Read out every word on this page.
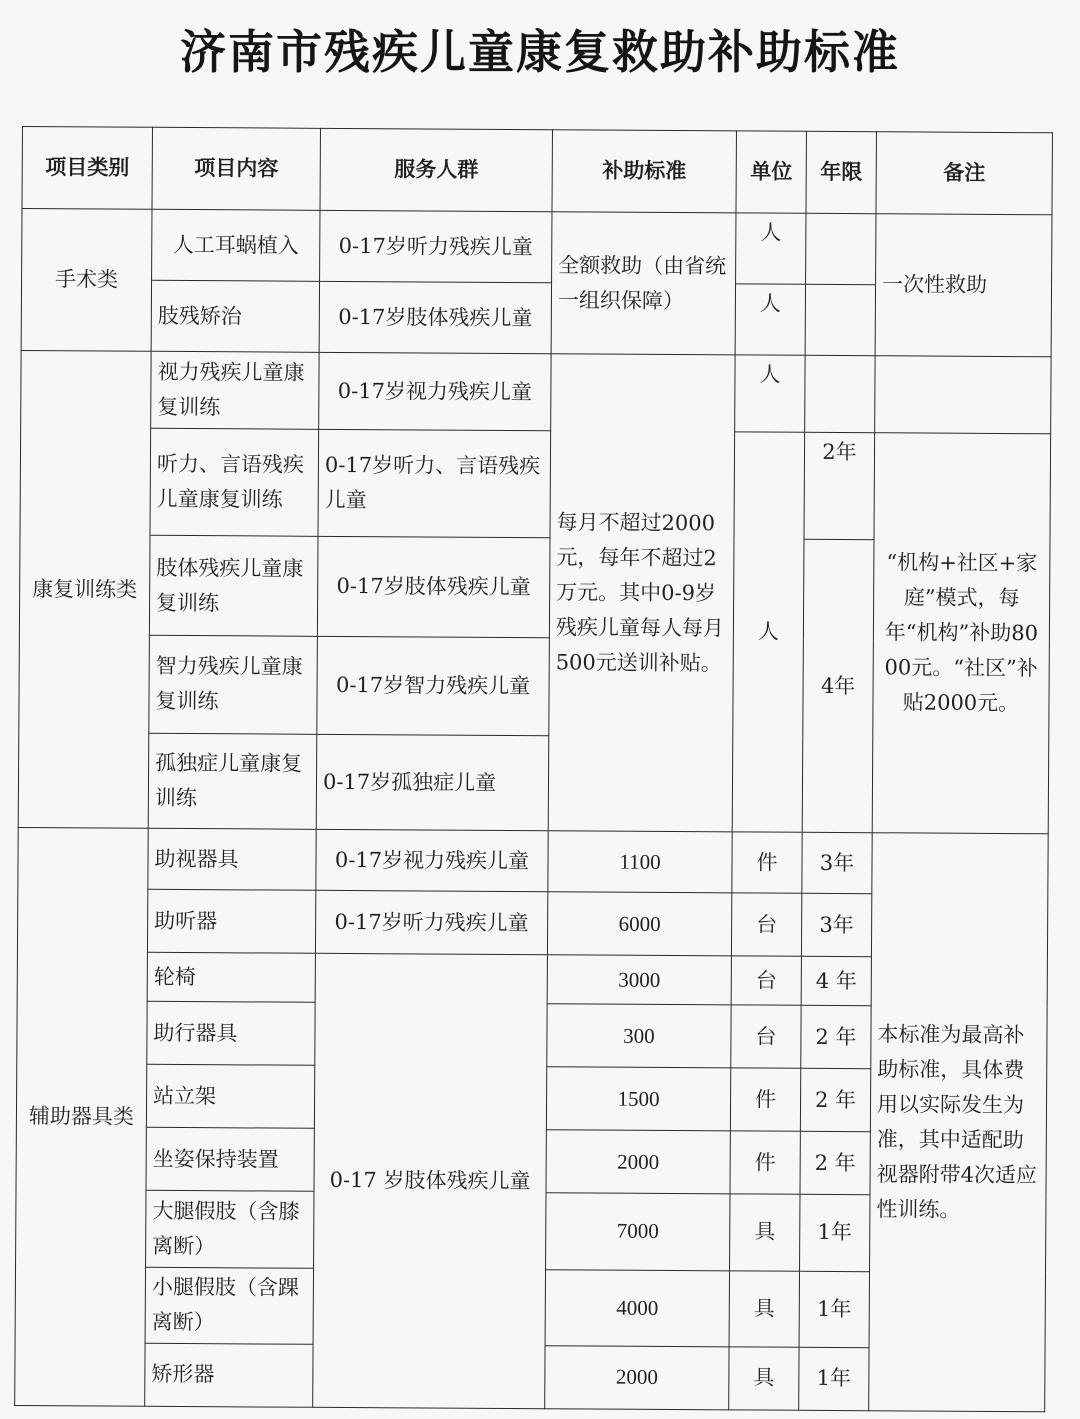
济南市残疾儿童康复救助补助标准
项目类别	项目内容	服务人群	补助标准	单位	年限	备注
手术类	人工耳蜗植入	0-17岁听力残疾儿童	全额救助（由省统一组织保障）	人		一次性救助
	肢残矫治	0-17岁肢体残疾儿童		人		
康复训练类	视力残疾儿童康复训练	0-17岁视力残疾儿童	每月不超过2000元，每年不超过2万元。其中0-9岁残疾儿童每人每月500元送训补贴。	人		
	听力、言语残疾儿童康复训练	0-17岁听力、言语残疾儿童		人	2年	“机构+社区+家庭”模式，每年“机构”补助8000元。“社区”补贴2000元。
	肢体残疾儿童康复训练	0-17岁肢体残疾儿童			4年	
	智力残疾儿童康复训练	0-17岁智力残疾儿童				
	孤独症儿童康复训练	0-17岁孤独症儿童				
辅助器具类	助视器具	0-17岁视力残疾儿童	1100	件	3年	本标准为最高补助标准，具体费用以实际发生为准，其中适配助视器附带4次适应性训练。
	助听器	0-17岁听力残疾儿童	6000	台	3年	
	轮椅	0-17 岁肢体残疾儿童	3000	台	4 年	
	助行器具		300	台	2 年	
	站立架		1500	件	2 年	
	坐姿保持装置		2000	件	2 年	
	大腿假肢（含膝离断）		7000	具	1年	
	小腿假肢（含踝离断）		4000	具	1年	
	矫形器		2000	具	1年	
